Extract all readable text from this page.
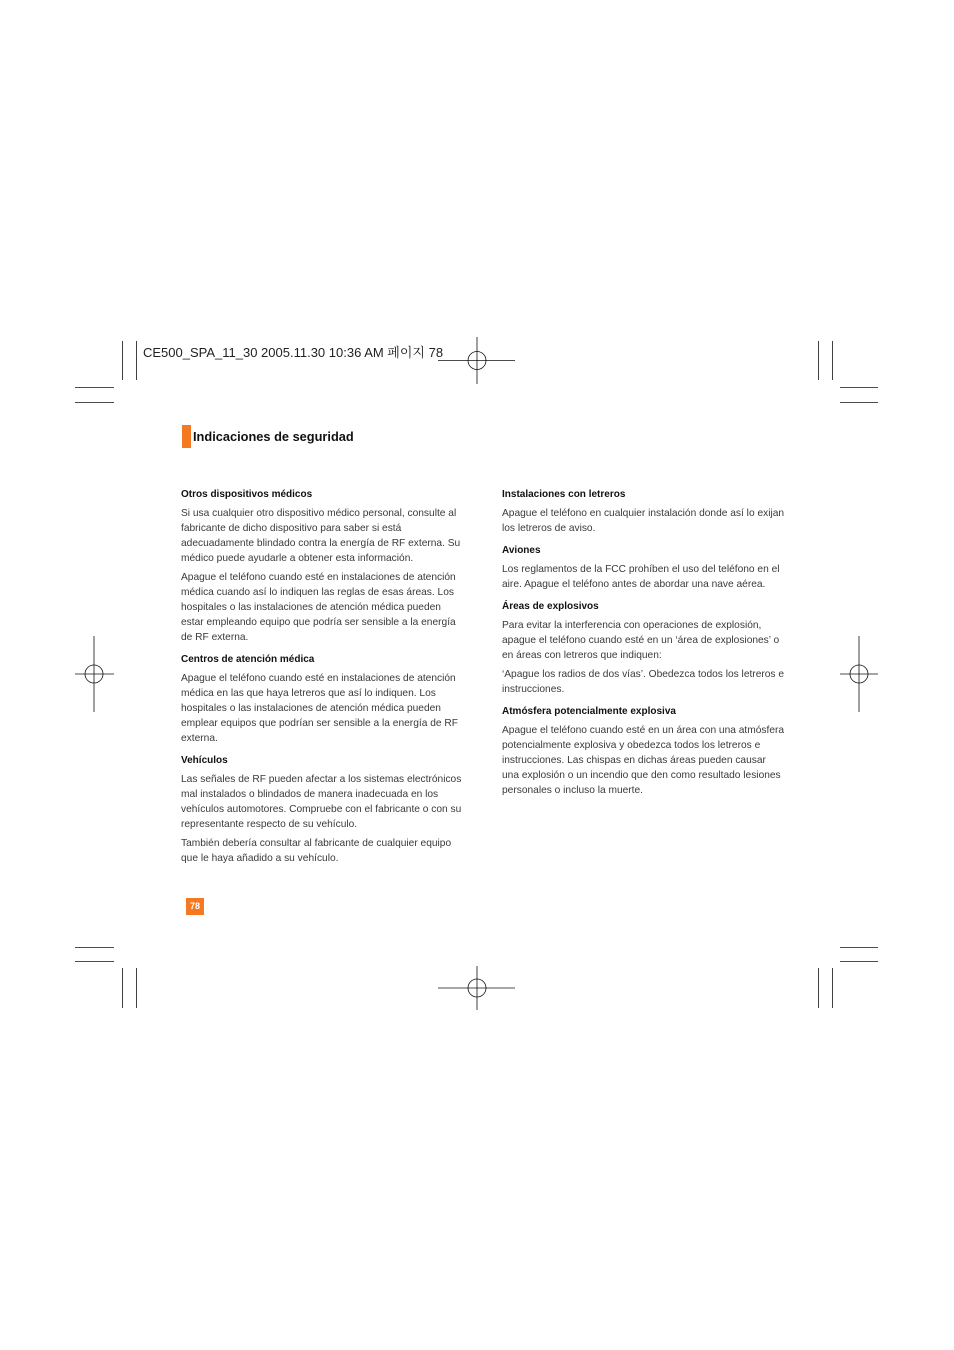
CE500_SPA_11_30 2005.11.30 10:36 AM 페이지 78
Indicaciones de seguridad
Otros dispositivos médicos
Si usa cualquier otro dispositivo médico personal, consulte al
fabricante de dicho dispositivo para saber si está
adecuadamente blindado contra la energía de RF externa. Su
médico puede ayudarle a obtener esta información.
Apague el teléfono cuando esté en instalaciones de atención
médica cuando así lo indiquen las reglas de esas áreas. Los
hospitales o las instalaciones de atención médica pueden
estar empleando equipo que podría ser sensible a la energía
de RF externa.
Centros de atención médica
Apague el teléfono cuando esté en instalaciones de atención
médica en las que haya letreros que así lo indiquen. Los
hospitales o las instalaciones de atención médica pueden
emplear equipos que podrían ser sensible a la energía de RF
externa.
Vehículos
Las señales de RF pueden afectar a los sistemas electrónicos
mal instalados o blindados de manera inadecuada en los
vehículos automotores. Compruebe con el fabricante o con su
representante respecto de su vehículo.
También debería consultar al fabricante de cualquier equipo
que le haya añadido a su vehículo.
Instalaciones con letreros
Apague el teléfono en cualquier instalación donde así lo exijan
los letreros de aviso.
Aviones
Los reglamentos de la FCC prohíben el uso del teléfono en el
aire. Apague el teléfono antes de abordar una nave aérea.
Áreas de explosivos
Para evitar la interferencia con operaciones de explosión,
apague el teléfono cuando esté en un ‘área de explosiones’ o
en áreas con letreros que indiquen:
‘Apague los radios de dos vías’. Obedezca todos los letreros e
instrucciones.
Atmósfera potencialmente explosiva
Apague el teléfono cuando esté en un área con una atmósfera
potencialmente explosiva y obedezca todos los letreros e
instrucciones. Las chispas en dichas áreas pueden causar
una explosión o un incendio que den como resultado lesiones
personales o incluso la muerte.
78
